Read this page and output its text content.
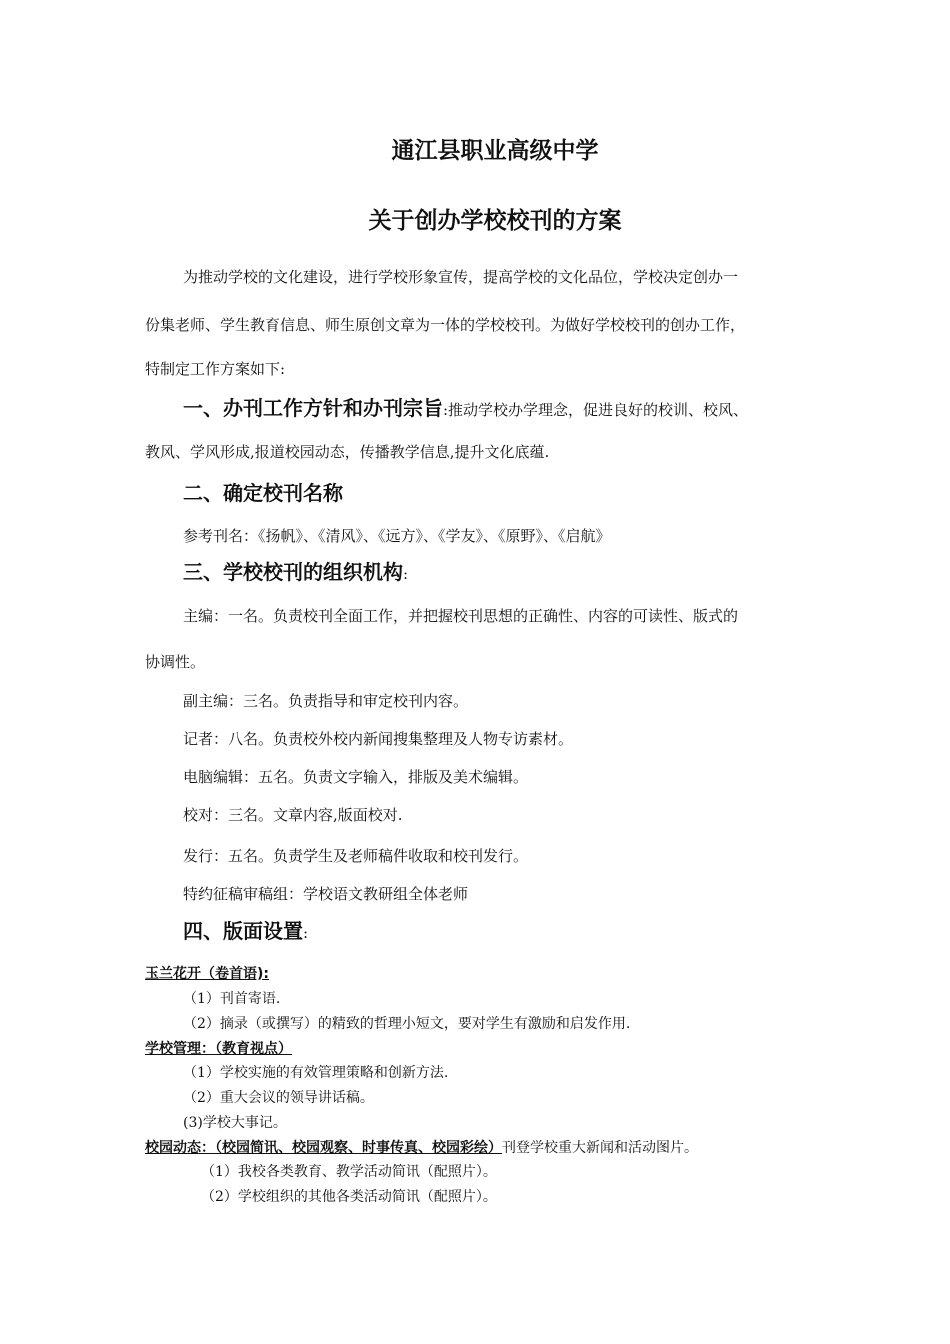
通江县职业高级中学
关于创办学校校刊的方案
为推动学校的文化建设，进行学校形象宣传，提高学校的文化品位，学校决定创办一
份集老师、学生教育信息、师生原创文章为一体的学校校刊。为做好学校校刊的创办工作，
特制定工作方案如下:
一、办刊工作方针和办刊宗旨:推动学校办学理念，促进良好的校训、校风、
教风、学风形成,报道校园动态，传播教学信息,提升文化底蕴.
二、确定校刊名称
参考刊名：《扬帆》、《清风》、《远方》、《学友》、《原野》、《启航》
三、学校校刊的组织机构:
主编：一名。负责校刊全面工作，并把握校刊思想的正确性、内容的可读性、版式的
协调性。
副主编：三名。负责指导和审定校刊内容。
记者：八名。负责校外校内新闻搜集整理及人物专访素材。
电脑编辑：五名。负责文字输入，排版及美术编辑。
校对：三名。文章内容,版面校对.
发行：五名。负责学生及老师稿件收取和校刊发行。
特约征稿审稿组：学校语文教研组全体老师
四、版面设置:
玉兰花开（卷首语):
（1）刊首寄语.
（2）摘录（或撰写）的精致的哲理小短文，要对学生有激励和启发作用.
学校管理：（教育视点）
（1）学校实施的有效管理策略和创新方法.
（2）重大会议的领导讲话稿。
(3)学校大事记。
校园动态：（校园简讯、校园观察、时事传真、校园彩绘）刊登学校重大新闻和活动图片。
（1）我校各类教育、教学活动简讯（配照片）。
（2）学校组织的其他各类活动简讯（配照片）。
